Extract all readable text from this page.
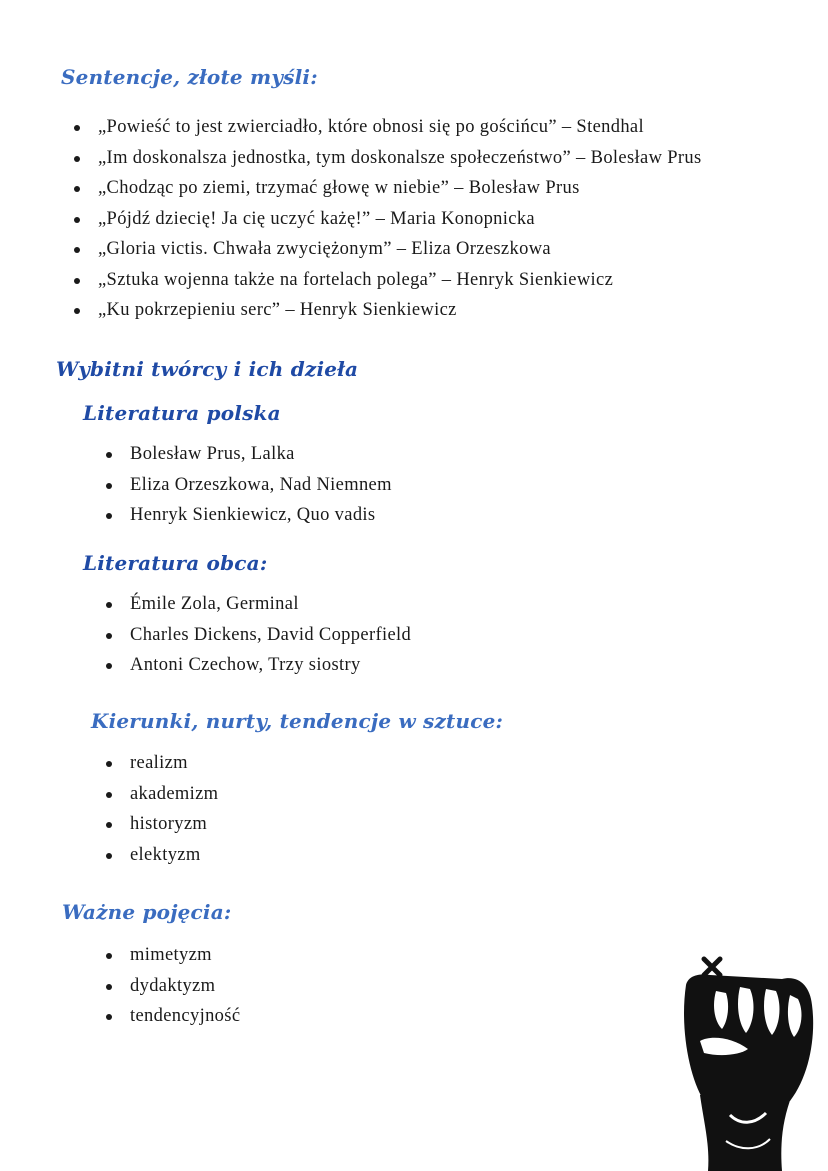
Sentencje, złote myśli:
„Powieść to jest zwierciadło, które obnosi się po gościńcu” – Stendhal
„Im doskonalsza jednostka, tym doskonalsze społeczeństwo” – Bolesław Prus
„Chodząc po ziemi, trzymać głowę w niebie” – Bolesław Prus
„Pójdź dziecię! Ja cię uczyć każę!” – Maria Konopnicka
„Gloria victis. Chwała zwyciężonym” – Eliza Orzeszkowa
„Sztuka wojenna także na fortelach polega” – Henryk Sienkiewicz
„Ku pokrzepieniu serc” – Henryk Sienkiewicz
Wybitni twórcy i ich dzieła
Literatura polska
Bolesław Prus, Lalka
Eliza Orzeszkowa, Nad Niemnem
Henryk Sienkiewicz, Quo vadis
Literatura obca:
Émile Zola, Germinal
Charles Dickens, David Copperfield
Antoni Czechow, Trzy siostry
Kierunki, nurty, tendencje w sztuce:
realizm
akademizm
historyzm
elektyzm
Ważne pojęcia:
mimetyzm
dydaktyzm
tendencyjność
